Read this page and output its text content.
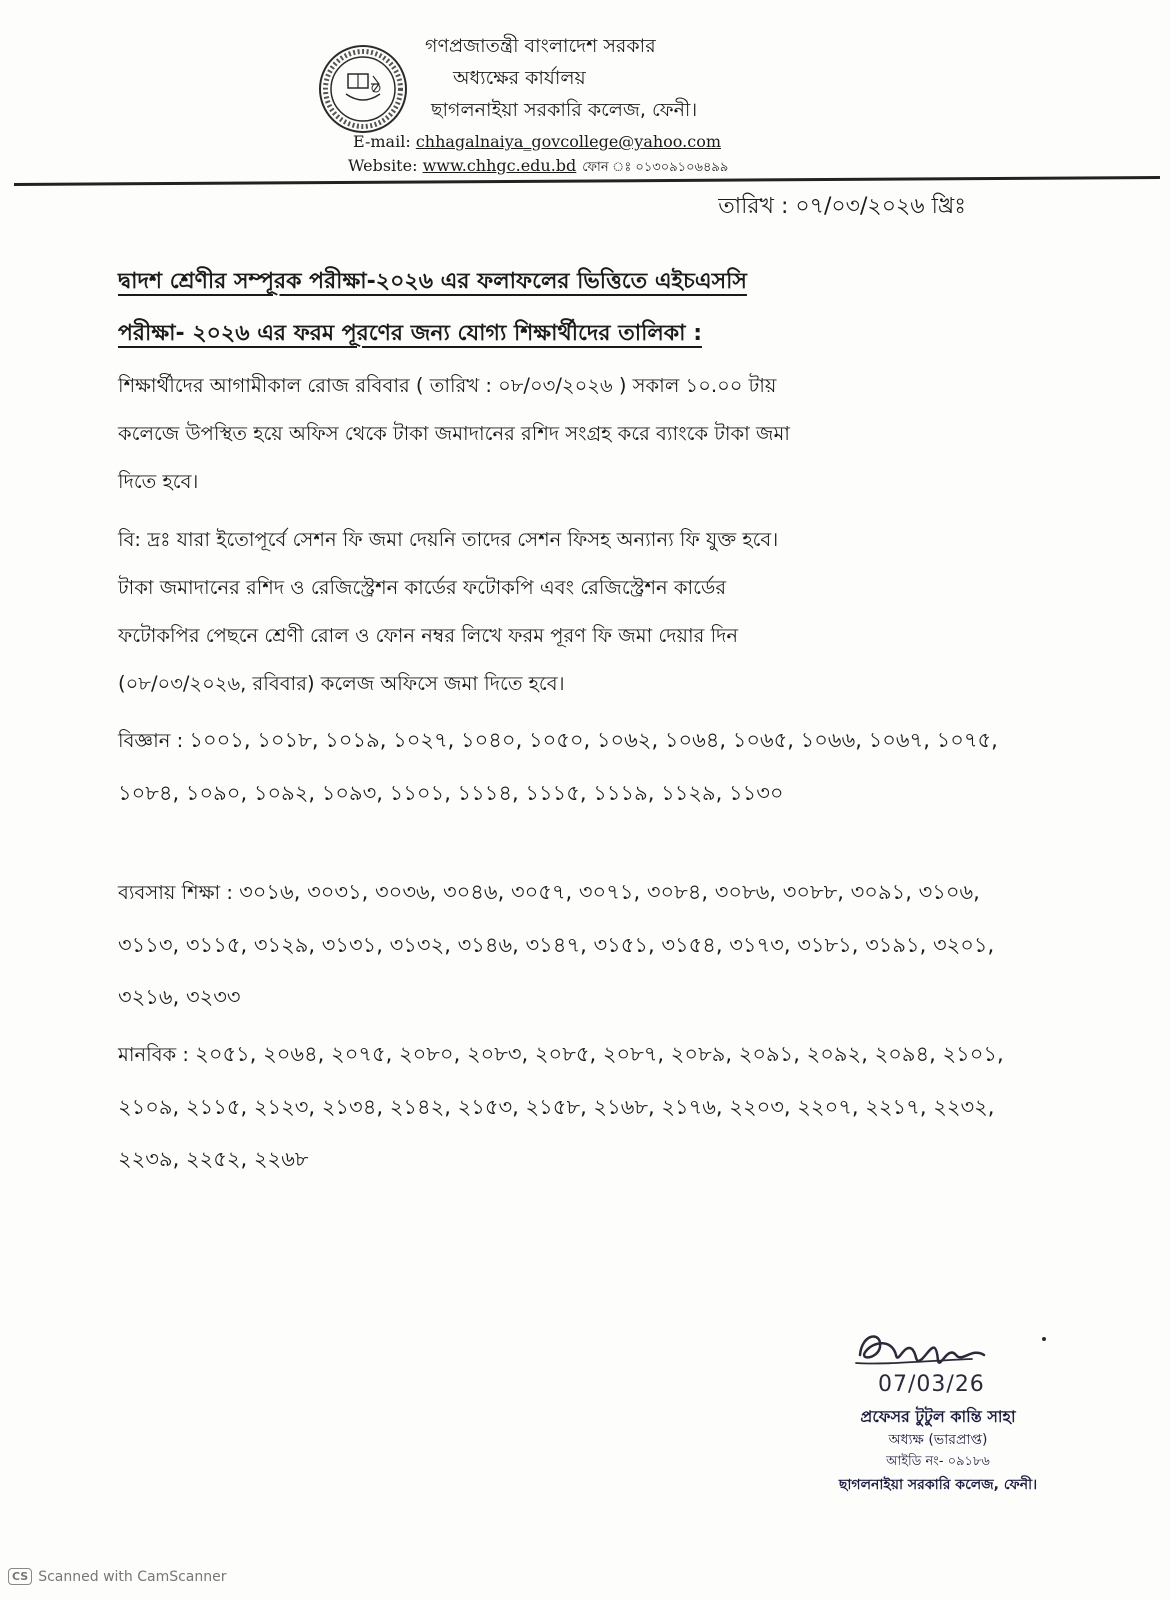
গণপ্রজাতন্ত্রী বাংলাদেশ সরকার
অধ্যক্ষের কার্যালয়
ছাগলনাইয়া সরকারি কলেজ, ফেনী।
E-mail: chhagalnaiya_govcollege@yahoo.com
Website: www.chhgc.edu.bd ফোন ঃ ০১৩০৯১০৬৪৯৯
তারিখ : ০৭/০৩/২০২৬ খ্রিঃ
দ্বাদশ শ্রেণীর সম্পূরক পরীক্ষা-২০২৬ এর ফলাফলের ভিত্তিতে এইচএসসি
পরীক্ষা- ২০২৬ এর ফরম পূরণের জন্য যোগ্য শিক্ষার্থীদের তালিকা :
শিক্ষার্থীদের আগামীকাল রোজ রবিবার ( তারিখ : ০৮/০৩/২০২৬ ) সকাল ১০.০০ টায়
কলেজে উপস্থিত হয়ে অফিস থেকে টাকা জমাদানের রশিদ সংগ্রহ করে ব্যাংকে টাকা জমা
দিতে হবে।
বি: দ্রঃ যারা ইতোপূর্বে সেশন ফি জমা দেয়নি তাদের সেশন ফিসহ অন্যান্য ফি যুক্ত হবে।
টাকা জমাদানের রশিদ ও রেজিস্ট্রেশন কার্ডের ফটোকপি এবং রেজিস্ট্রেশন কার্ডের
ফটোকপির পেছনে শ্রেণী রোল ও ফোন নম্বর লিখে ফরম পূরণ ফি জমা দেয়ার দিন
(০৮/০৩/২০২৬, রবিবার) কলেজ অফিসে জমা দিতে হবে।
বিজ্ঞান : ১০০১, ১০১৮, ১০১৯, ১০২৭, ১০৪০, ১০৫০, ১০৬২, ১০৬৪, ১০৬৫, ১০৬৬, ১০৬৭, ১০৭৫, ১০৮৪, ১০৯০, ১০৯২, ১০৯৩, ১১০১, ১১১৪, ১১১৫, ১১১৯, ১১২৯, ১১৩০
ব্যবসায় শিক্ষা : ৩০১৬, ৩০৩১, ৩০৩৬, ৩০৪৬, ৩০৫৭, ৩০৭১, ৩০৮৪, ৩০৮৬, ৩০৮৮, ৩০৯১, ৩১০৬, ৩১১৩, ৩১১৫, ৩১২৯, ৩১৩১, ৩১৩২, ৩১৪৬, ৩১৪৭, ৩১৫১, ৩১৫৪, ৩১৭৩, ৩১৮১, ৩১৯১, ৩২০১, ৩২১৬, ৩২৩৩
মানবিক : ২০৫১, ২০৬৪, ২০৭৫, ২০৮০, ২০৮৩, ২০৮৫, ২০৮৭, ২০৮৯, ২০৯১, ২০৯২, ২০৯৪, ২১০১, ২১০৯, ২১১৫, ২১২৩, ২১৩৪, ২১৪২, ২১৫৩, ২১৫৮, ২১৬৮, ২১৭৬, ২২০৩, ২২০৭, ২২১৭, ২২৩২, ২২৩৯, ২২৫২, ২২৬৮
07/03/26
প্রফেসর টুটুল কান্তি সাহা
অধ্যক্ষ (ভারপ্রাপ্ত)
আইডি নং- ০৯১৮৬
ছাগলনাইয়া সরকারি কলেজ, ফেনী।
CS Scanned with CamScanner
